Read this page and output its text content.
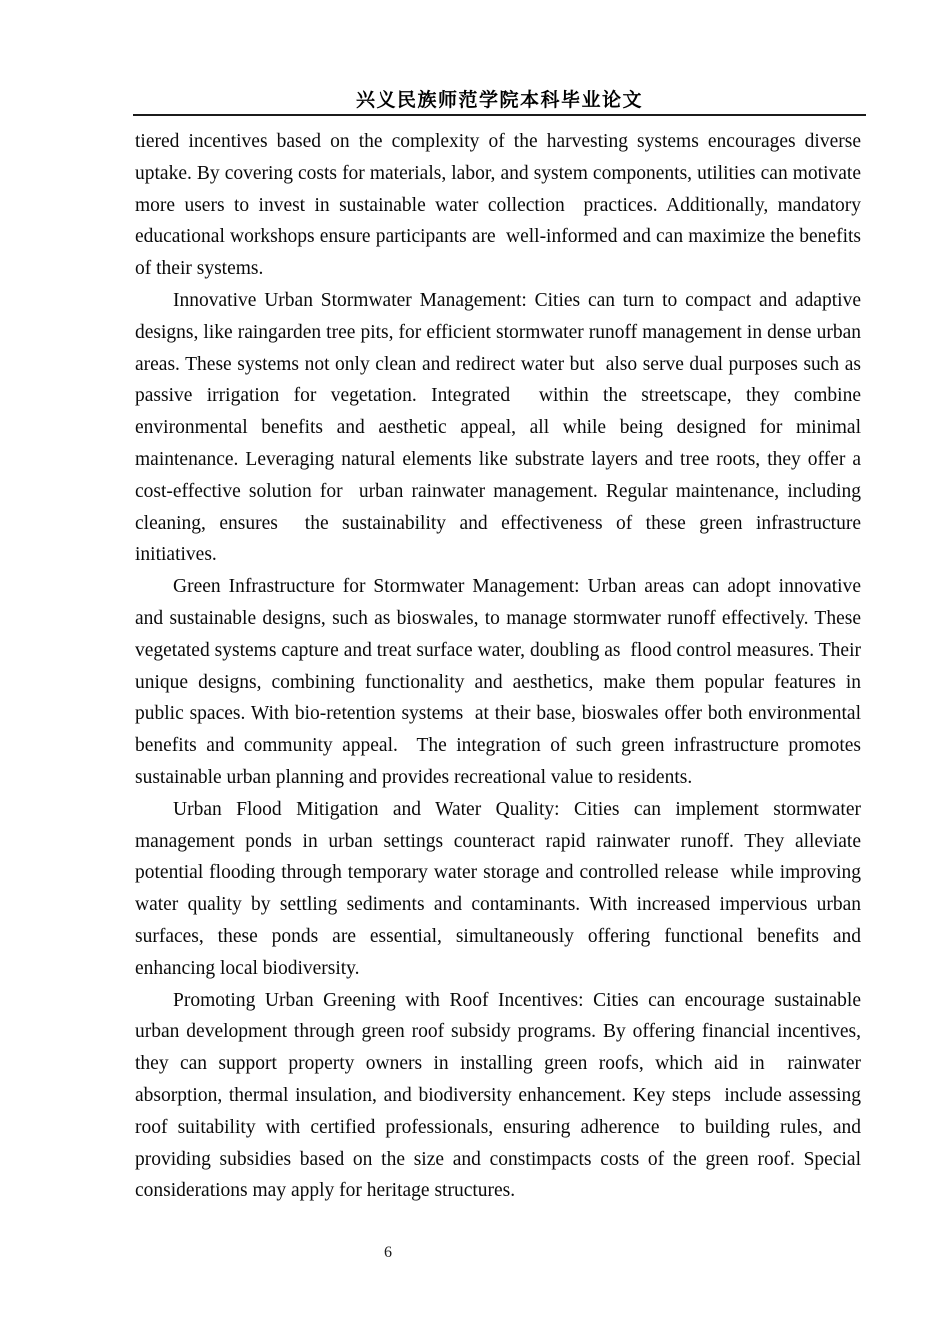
兴义民族师范学院本科毕业论文

tiered incentives based on the complexity of the harvesting systems encourages diverse uptake. By covering costs for materials, labor, and system components, utilities can motivate more users to invest in sustainable water collection  practices. Additionally, mandatory educational workshops ensure participants are  well-informed and can maximize the benefits of their systems.

Innovative Urban Stormwater Management: Cities can turn to compact and adaptive designs, like raingarden tree pits, for efficient stormwater runoff management in dense urban areas. These systems not only clean and redirect water but  also serve dual purposes such as passive irrigation for vegetation. Integrated  within the streetscape, they combine environmental benefits and aesthetic appeal, all while being designed for minimal maintenance. Leveraging natural elements like substrate layers and tree roots, they offer a cost-effective solution for  urban rainwater management. Regular maintenance, including cleaning, ensures  the sustainability and effectiveness of these green infrastructure initiatives.

Green Infrastructure for Stormwater Management: Urban areas can adopt innovative and sustainable designs, such as bioswales, to manage stormwater runoff effectively. These vegetated systems capture and treat surface water, doubling as  flood control measures. Their unique designs, combining functionality and aesthetics, make them popular features in public spaces. With bio-retention systems  at their base, bioswales offer both environmental benefits and community appeal.  The integration of such green infrastructure promotes sustainable urban planning and provides recreational value to residents.

Urban Flood Mitigation and Water Quality: Cities can implement stormwater management ponds in urban settings counteract rapid rainwater runoff. They alleviate potential flooding through temporary water storage and controlled release  while improving water quality by settling sediments and contaminants. With increased impervious urban surfaces, these ponds are essential, simultaneously offering functional benefits and enhancing local biodiversity.

Promoting Urban Greening with Roof Incentives: Cities can encourage sustainable  urban development through green roof subsidy programs. By offering financial incentives, they can support property owners in installing green roofs, which aid in  rainwater absorption, thermal insulation, and biodiversity enhancement. Key steps  include assessing roof suitability with certified professionals, ensuring adherence  to building rules, and providing subsidies based on the size and constimpacts costs of the green roof. Special considerations may apply for heritage structures.

6
